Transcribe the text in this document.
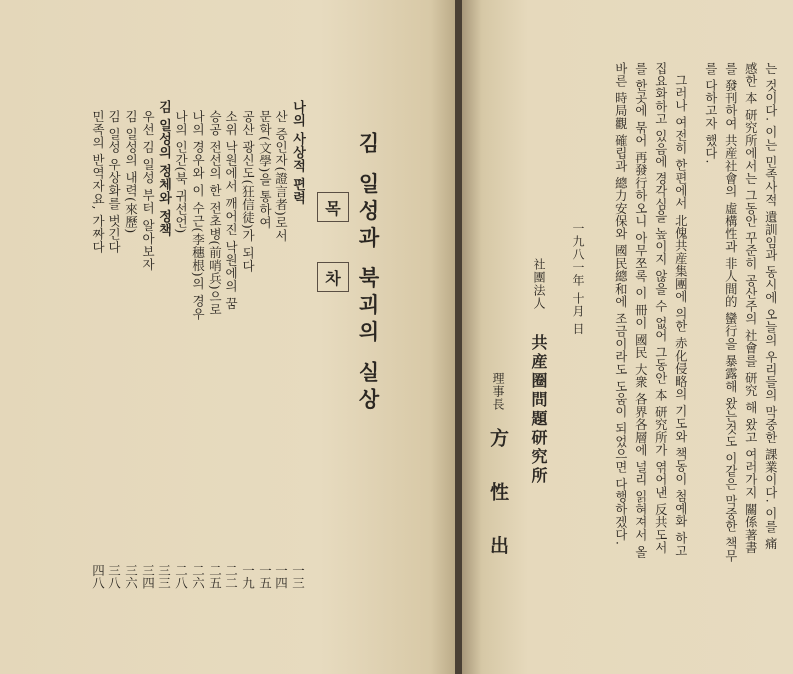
김 일성과 북괴의 실상
목
차
나의 사상적 편력
一三
산 증인자(證言者)로서
一四
문학(文學)을 통하여
一五
공산 광신도(狂信徒)가 되다
一九
소위 낙원에서 깨어진 낙원에의 꿈
二二
승공 전선의 한 전초병(前哨兵)으로
二五
나의 경우와 이 수근(李穗根)의 경우
二六
나의 인간(북 귀선언)
二八
김 일성의 정체와 정책
三三
우선 김 일성 부터 알아보자
三四
김 일성의 내력(來歷)
三六
김 일성 우상화를 벗긴다
三八
민족의 반역자요, 가짜다
四八
는 것이다. 이는 민족사적 遺訓임과 동시에 오늘의 우리들의 막중한 課業이다. 이를 痛
感한 本 研究所에서는 그동안 꾸준히 공산주의 社會를 研究 해 왔고 여러가지 關係著書
를 發刊하여 共産社會의 虛構性과 非人間的 蠻行을 暴露해 왔는것도 이같은 막중한 책무
를 다하고자 했다.
그러나 여전히 한편에서 北傀共産集團에 의한 赤化侵略의 기도와 책동이 첨예화 하고
집요화하고 있음에 경각심을 높이지 않을 수 없어 그동안 本 研究所가 엮어낸 反共도서
를 한곳에 묶어 再發行하오니 아무쪼록 이 冊이 國民 大衆 各界各層에 널리 읽혀져서 올
바른 時局觀 確립과 總力安保와 國民總和에 조금이라도 도움이 되었으면 다행하겠다.
一九八一年 十月 日
社團法人
共産圈問題研究所
理事長
方 性 出
